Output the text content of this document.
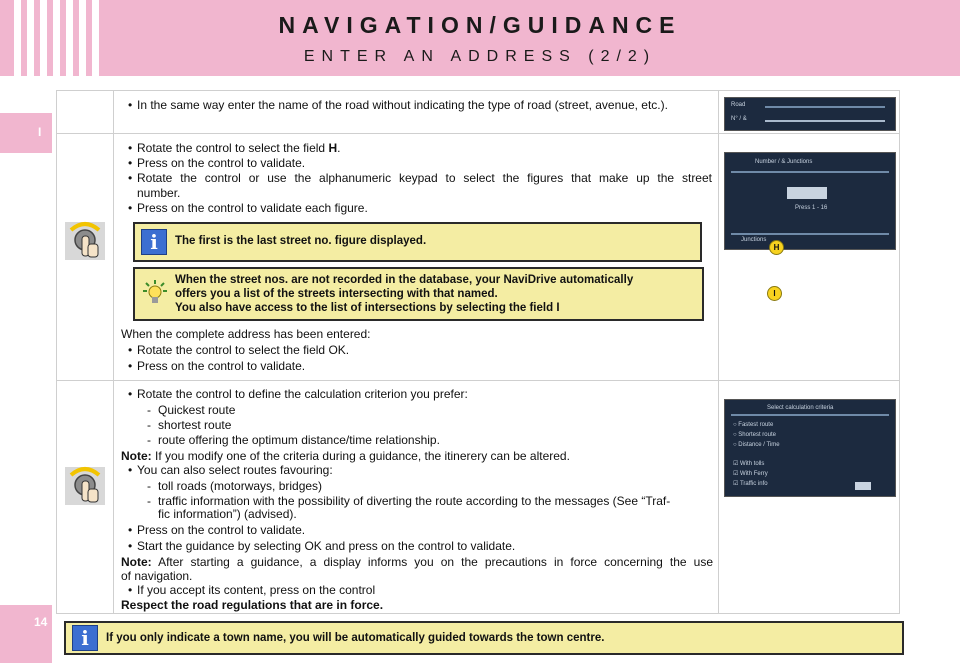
NAVIGATION/GUIDANCE
ENTER AN ADDRESS (2/2)
I
14
• In the same way enter the name of the road without indicating the type of road (street, avenue, etc.).	Road
N° / &
• Rotate the control to select the field H.
• Press on the control to validate.
• Rotate the control or use the alphanumeric keypad to select the figures that make up the street
number.
• Press on the control to validate each figure.
i	The first is the last street no. figure displayed.
When the street nos. are not recorded in the database, your NaviDrive automatically
offers you a list of the streets intersecting with that named.
You also have access to the list of intersections by selecting the field I
When the complete address has been entered:
• Rotate the control to select the field OK.
• Press on the control to validate.
Number / & Junctions
Press 1 - 16
Junctions
H
I
• Rotate the control to define the calculation criterion you prefer:
- Quickest route
- shortest route
- route offering the optimum distance/time relationship.
Note: If you modify one of the criteria during a guidance, the itinerery can be altered.
• You can also select routes favouring:
- toll roads (motorways, bridges)
- traffic information with the possibility of diverting the route according to the messages (See “Traf-
fic information”) (advised).
• Press on the control to validate.
• Start the guidance by selecting OK and press on the control to validate.
Note: After starting a guidance, a display informs you on the precautions in force concerning the use
of navigation.
• If you accept its content, press on the control
Respect the road regulations that are in force.
Select calculation criteria
○ Fastest route
○ Shortest route
○ Distance / Time
☑ With tolls
☑ With Ferry
☑ Traffic info
i	If you only indicate a town name, you will be automatically guided towards the town centre.
